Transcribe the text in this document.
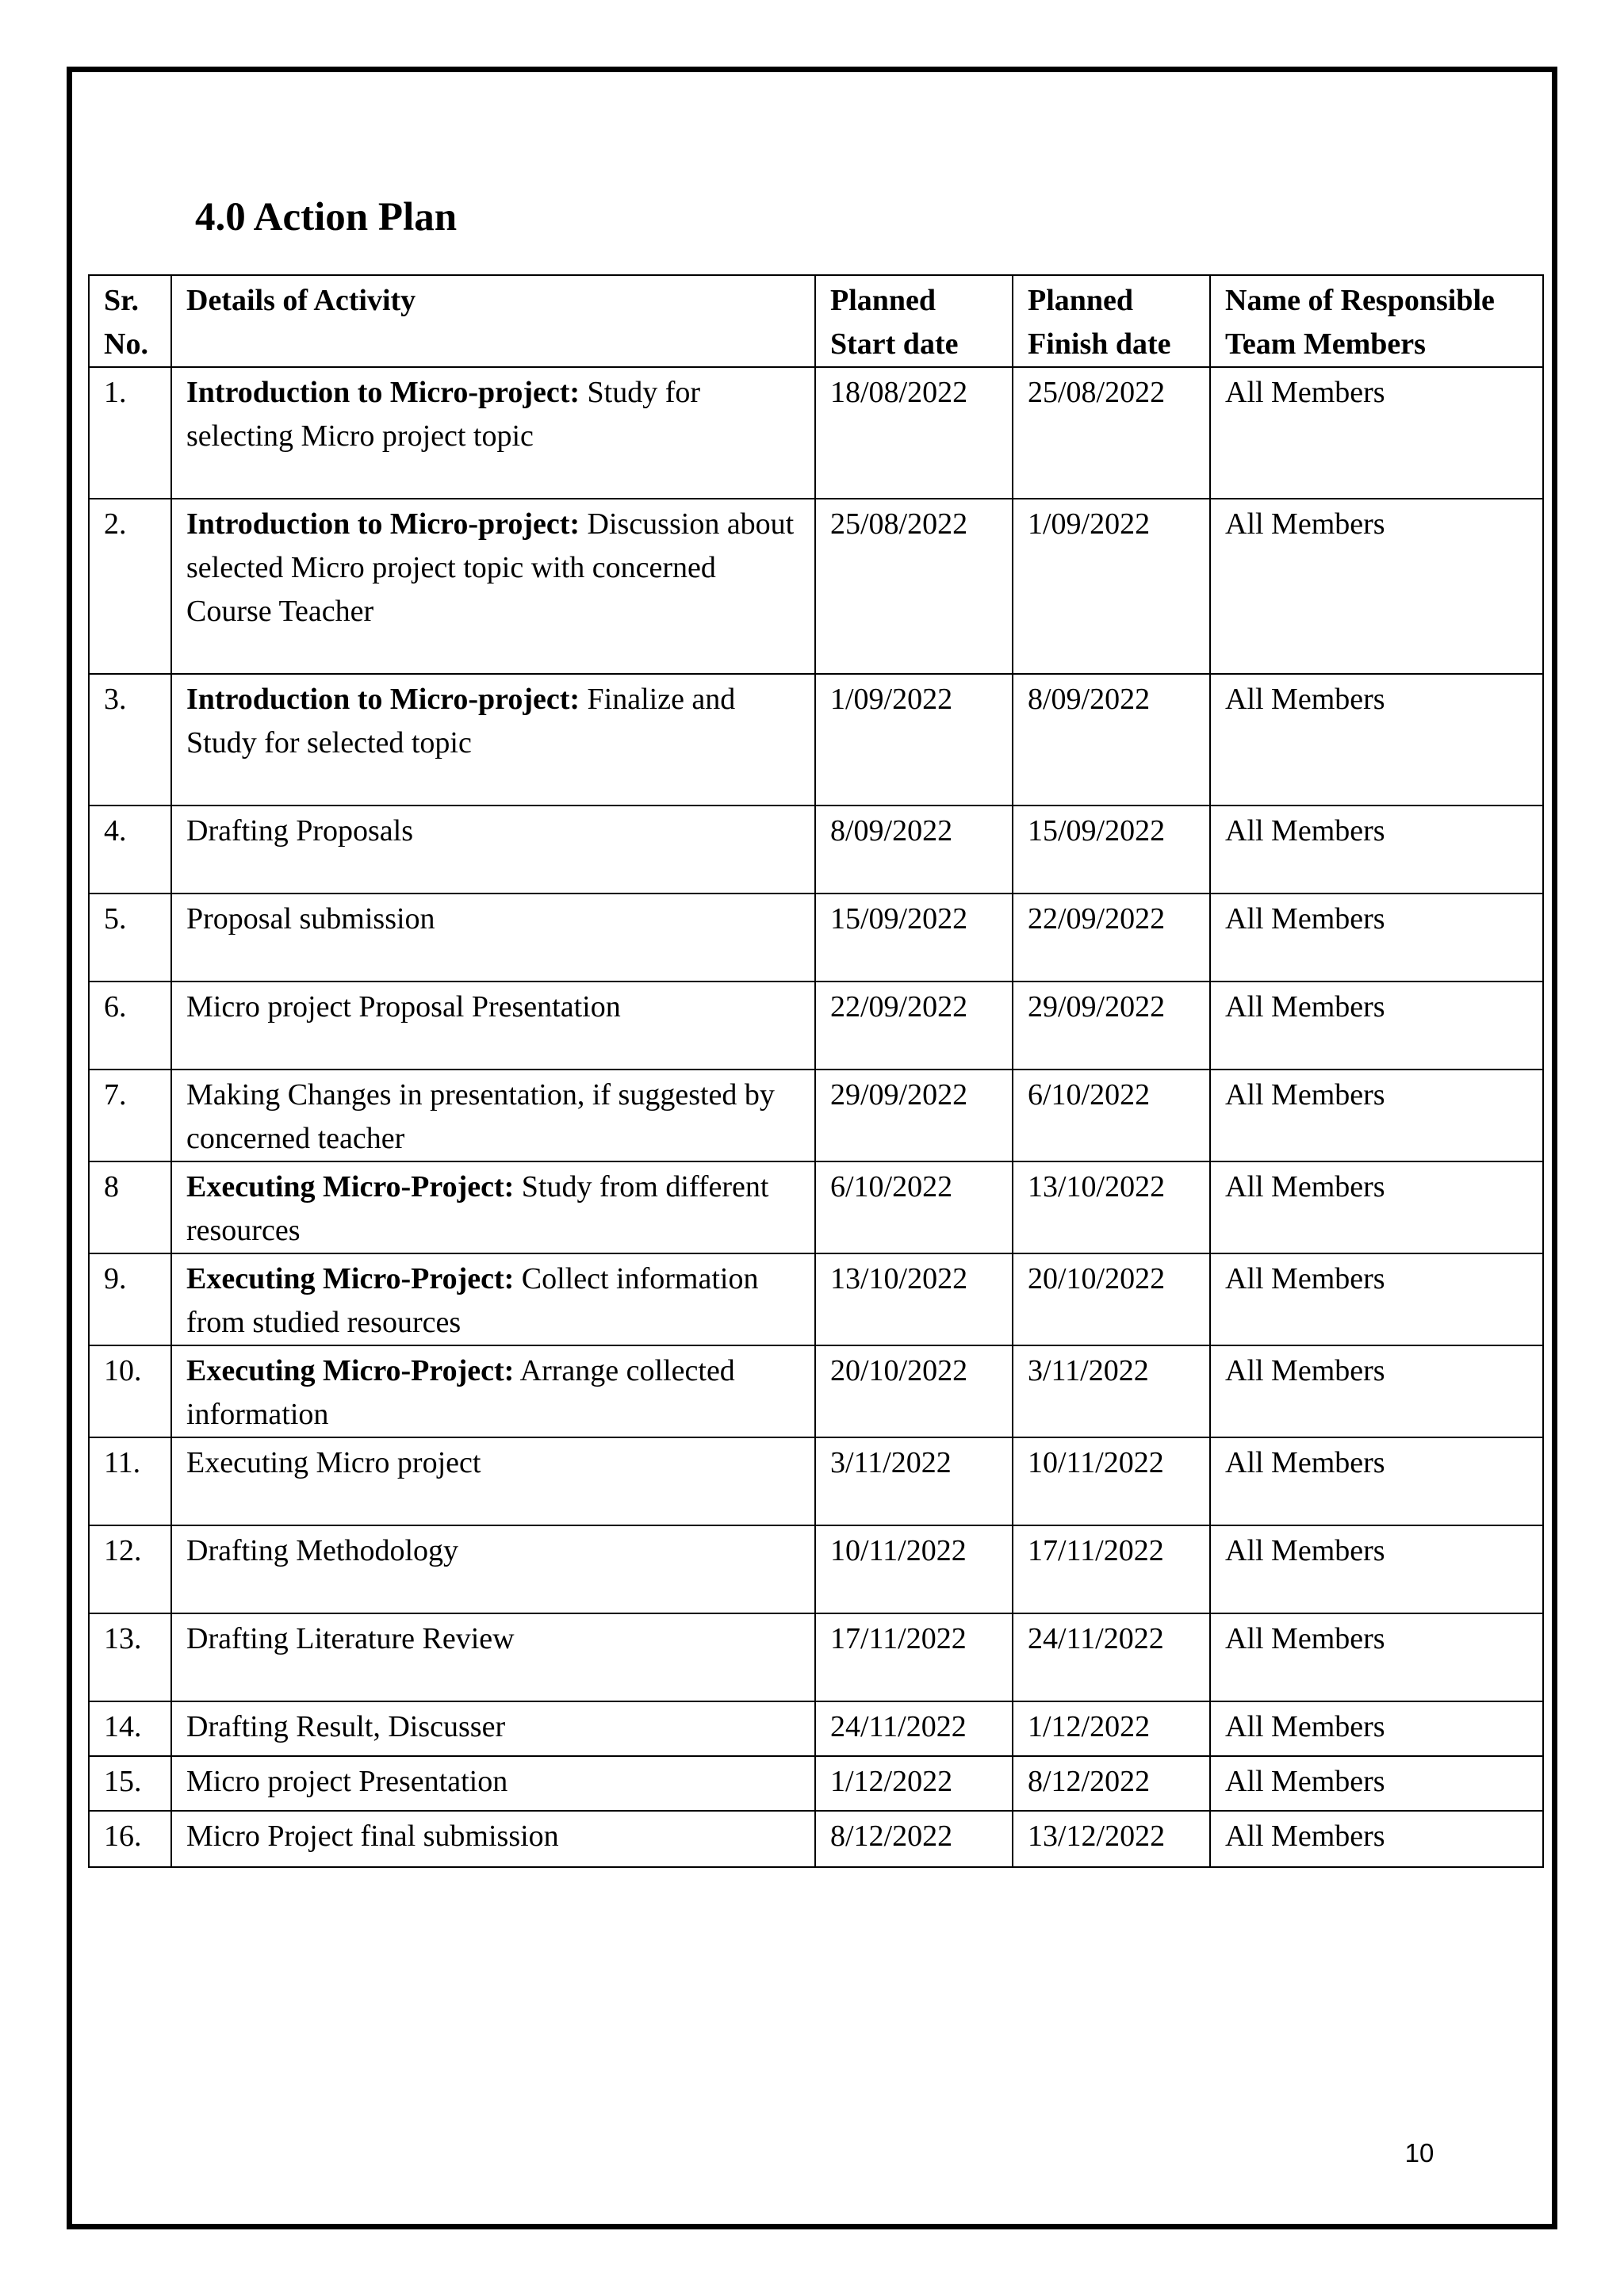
4.0 Action Plan
Sr. No.	Details of Activity	Planned Start date	Planned Finish date	Name of Responsible Team Members
1.	Introduction to Micro-project: Study for selecting Micro project topic	18/08/2022	25/08/2022	All Members
2.	Introduction to Micro-project: Discussion about selected Micro project topic with concerned Course Teacher	25/08/2022	1/09/2022	All Members
3.	Introduction to Micro-project: Finalize and Study for selected topic	1/09/2022	8/09/2022	All Members
4.	Drafting Proposals	8/09/2022	15/09/2022	All Members
5.	Proposal submission	15/09/2022	22/09/2022	All Members
6.	Micro project Proposal Presentation	22/09/2022	29/09/2022	All Members
7.	Making Changes in presentation, if suggested by concerned teacher	29/09/2022	6/10/2022	All Members
8	Executing Micro-Project: Study from different resources	6/10/2022	13/10/2022	All Members
9.	Executing Micro-Project: Collect information from studied resources	13/10/2022	20/10/2022	All Members
10.	Executing Micro-Project: Arrange collected information	20/10/2022	3/11/2022	All Members
11.	Executing Micro project	3/11/2022	10/11/2022	All Members
12.	Drafting Methodology	10/11/2022	17/11/2022	All Members
13.	Drafting Literature Review	17/11/2022	24/11/2022	All Members
14.	Drafting Result, Discusser	24/11/2022	1/12/2022	All Members
15.	Micro project Presentation	1/12/2022	8/12/2022	All Members
16.	Micro Project final submission	8/12/2022	13/12/2022	All Members
10
